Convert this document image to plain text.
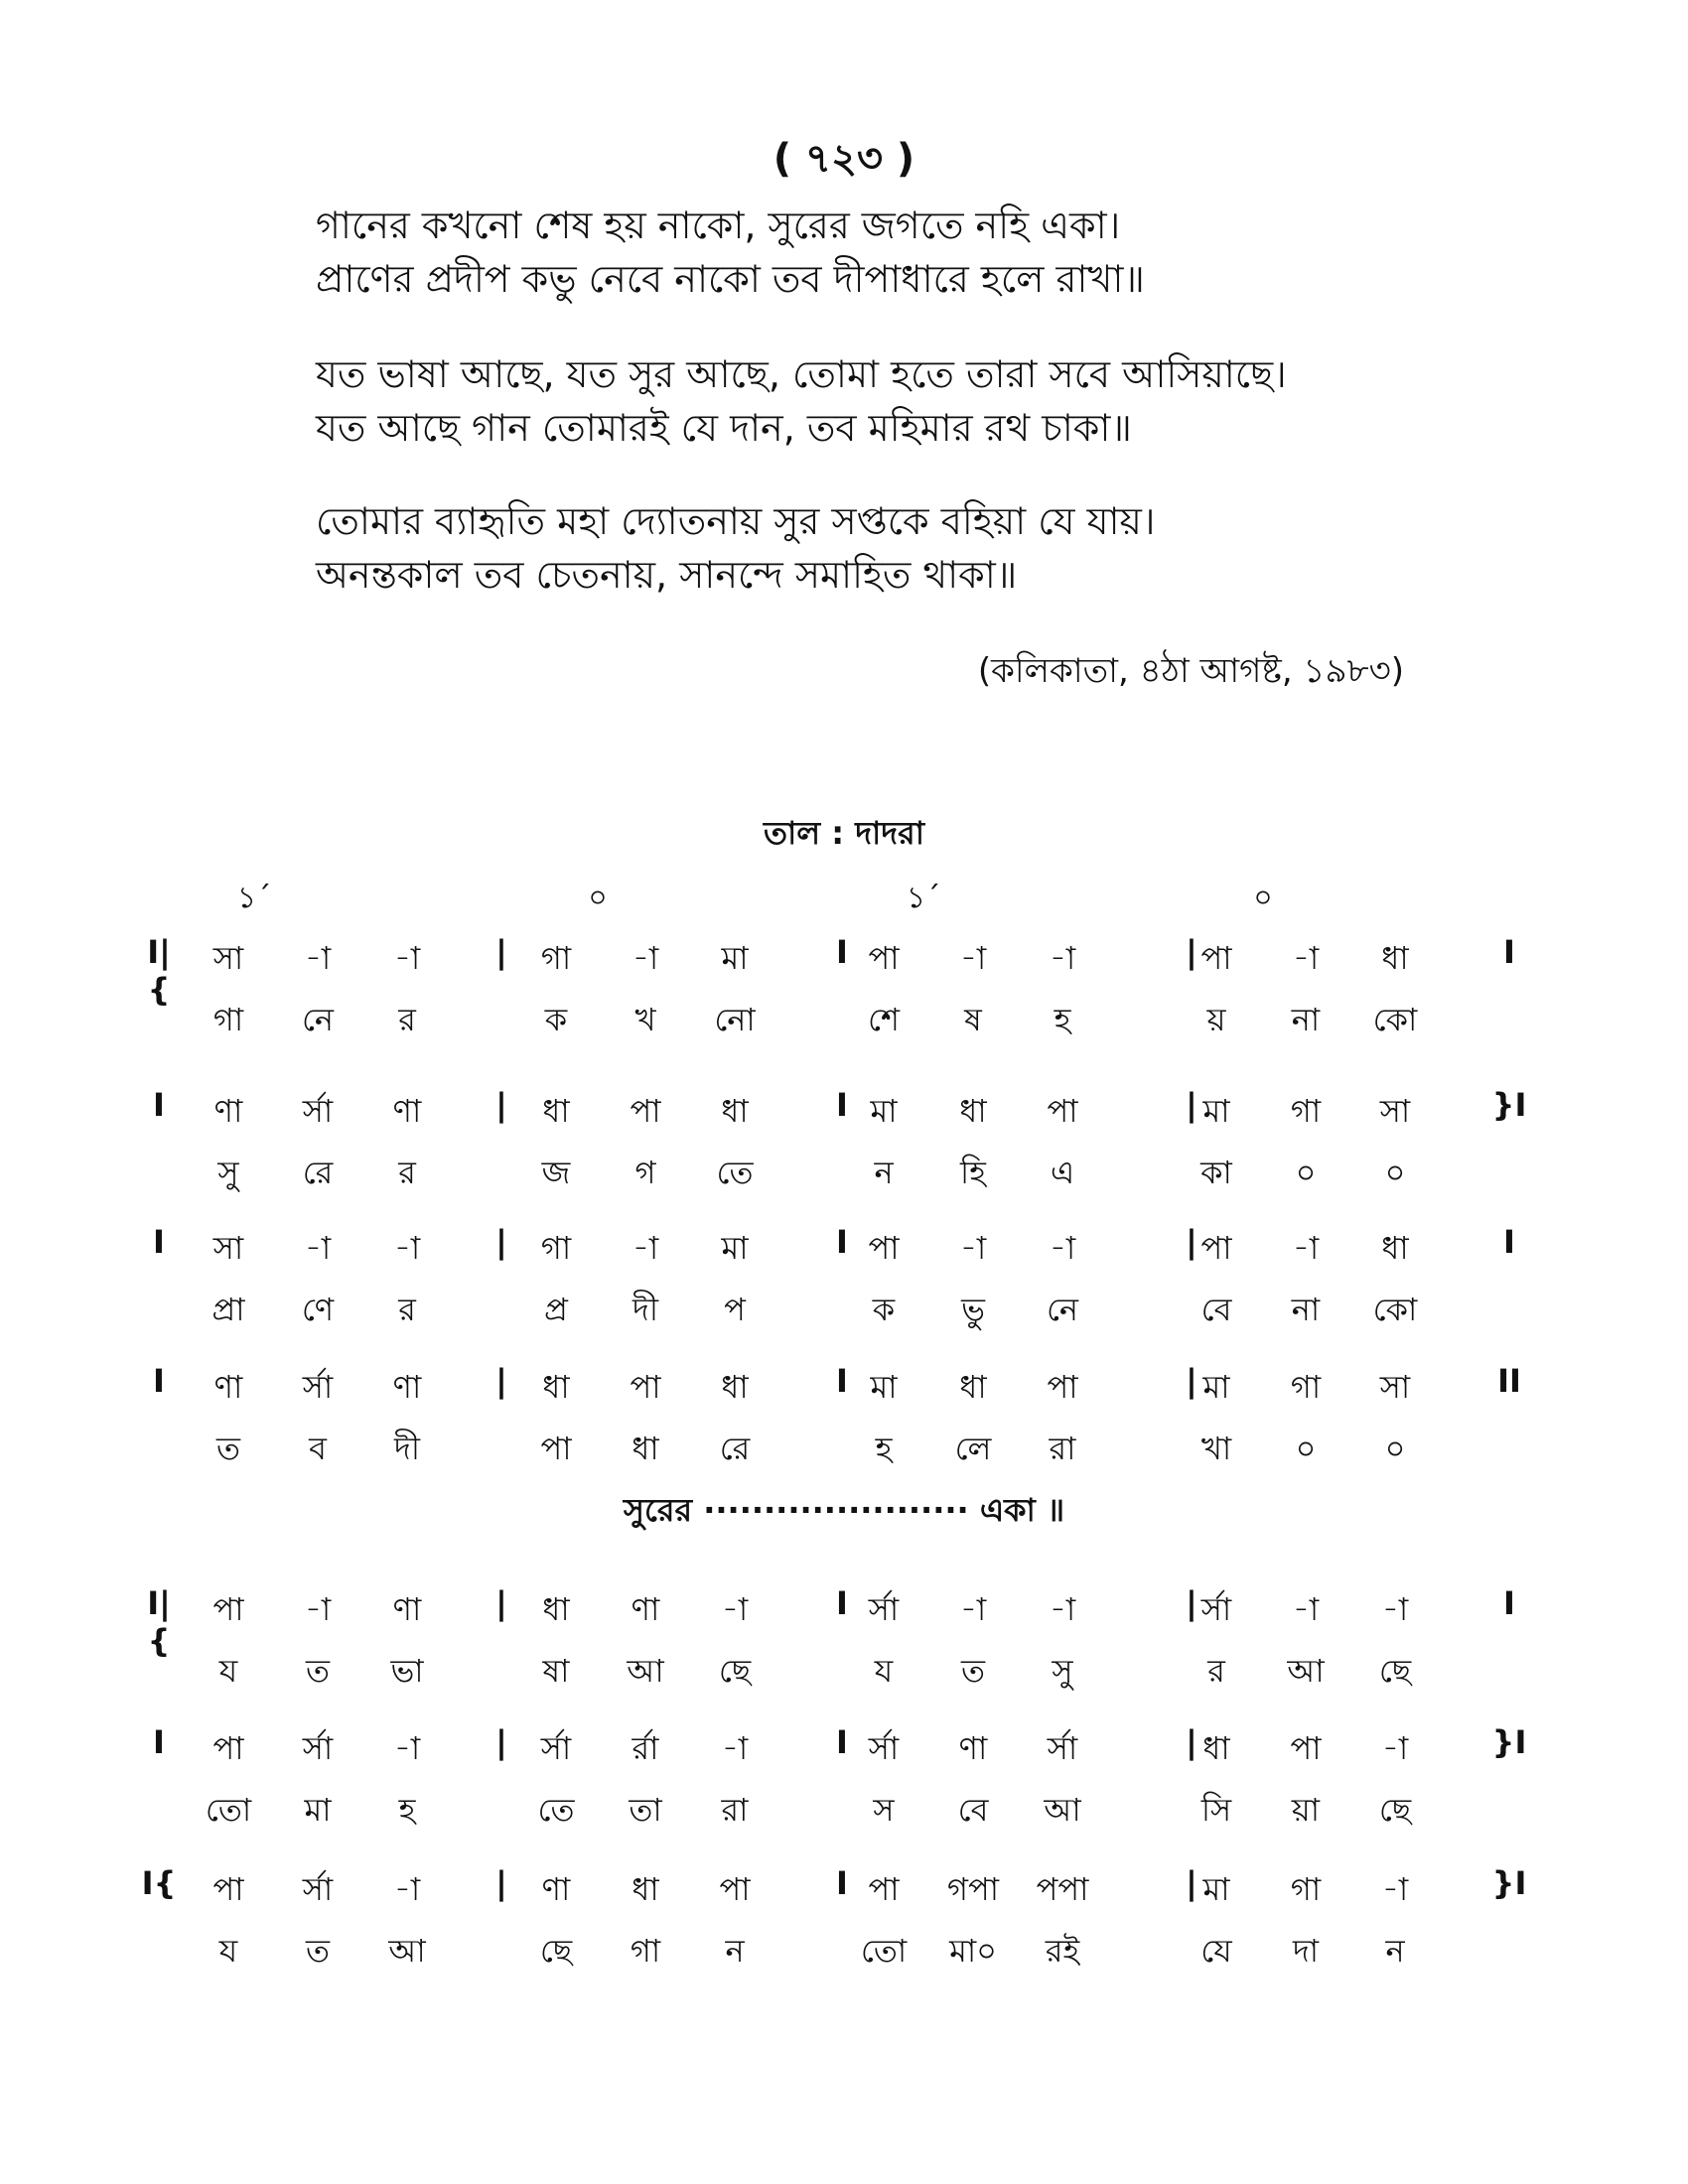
( ৭২৩ )

গানের কখনো শেষ হয় নাকো, সুরের জগতে নহি একা।

প্রাণের প্রদীপ কভু নেবে নাকো তব দীপাধারে হলে রাখা॥

যত ভাষা আছে, যত সুর আছে, তোমা হতে তারা সবে আসিয়াছে।

যত আছে গান তোমারই যে দান, তব মহিমার রথ চাকা॥

তোমার ব্যাহৃতি মহা দ্যোতনায় সুর সপ্তকে বহিয়া যে যায়।

অনন্তকাল তব চেতনায়, সানন্দে সমাহিত থাকা॥

(কলিকাতা, ৪ঠা আগষ্ট, ১৯৮৩)
তাল : দাদরা
১´	০	১´	০
I|{
I
সা	-া	-া	|	গা	-া	মা	I পা	-া	-া	| পা	-া	ধা
গা	নে	র	ক	খ	নো	শে	ষ	হ	য়	না	কো
I	}I
ণা	র্সা	ণা	|	ধা	পা	ধা	I মা	ধা	পা	| মা	গা	সা
সু	রে	র	জ	গ	তে	ন	হি	এ	কা	০	০
I	I
সা	-া	-া	|	গা	-া	মা	I পা	-া	-া	| পা	-া	ধা
প্রা	ণে	র	প্র	দী	প	ক	ভু	নে	বে	না	কো
I	II
ণা	র্সা	ণা	|	ধা	পা	ধা	I মা	ধা	পা	| মা	গা	সা
ত	ব	দী	পা	ধা	রে	হ	লে	রা	খা	০	০
I|{
I
পা	-া	ণা	|	ধা	ণা	-া	I র্সা	-া	-া	| র্সা	-া	-া
য	ত	ভা	ষা	আ	ছে	য	ত	সু	র	আ	ছে
I	}I
পা	র্সা	-া	|	র্সা	র্রা	-া	I র্সা	ণা	র্সা	| ধা	পা	-া
তো	মা	হ	তে	তা	রা	স	বে	আ	সি	য়া	ছে
I{	}I
পা	র্সা	-া	|	ণা	ধা	পা	I পা	গপা	পপা	| মা	গা	-া
য	ত	আ	ছে	গা	ন	তো	মা০	রই	যে	দা	ন
সুরের ······················ একা ॥
